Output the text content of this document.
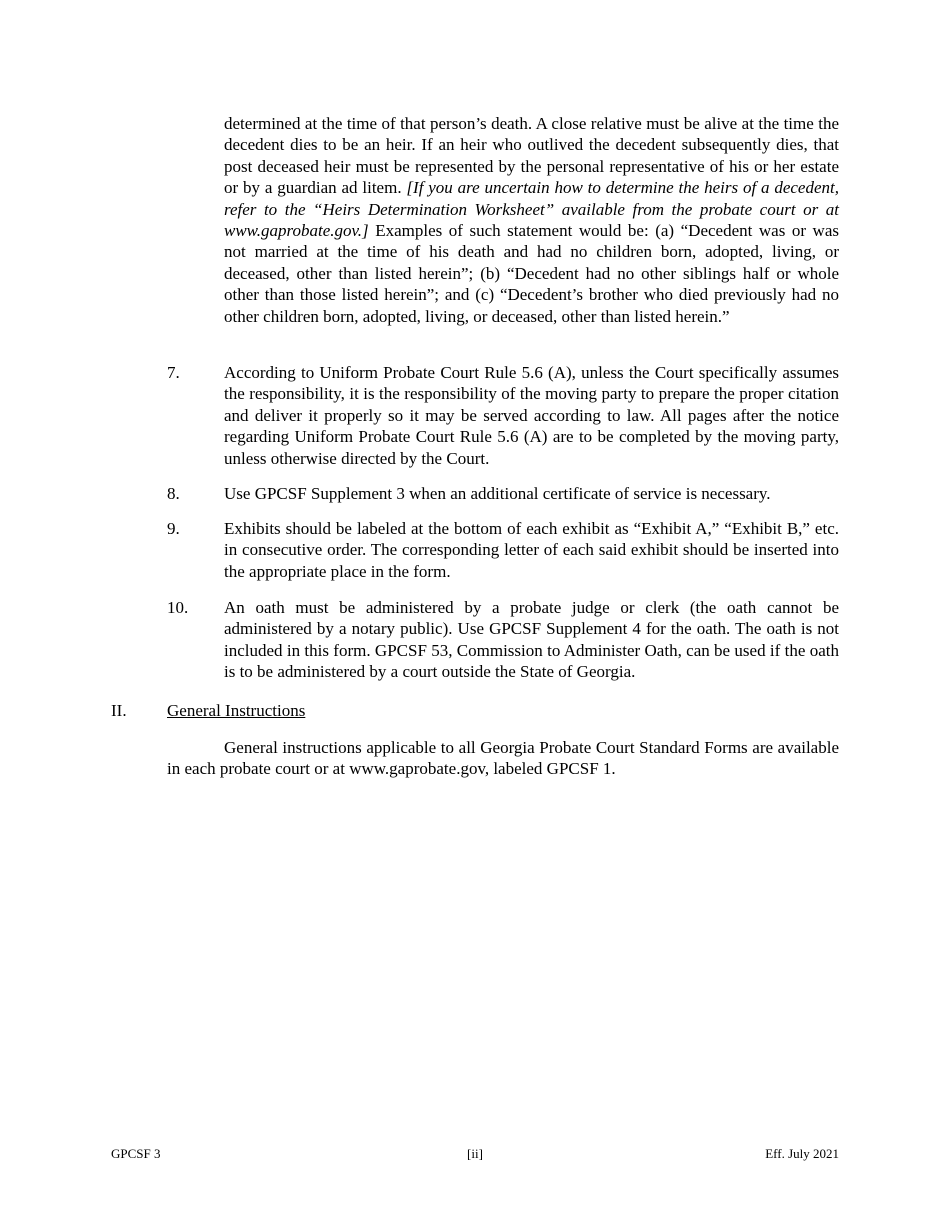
determined at the time of that person’s death. A close relative must be alive at the time the decedent dies to be an heir. If an heir who outlived the decedent subsequently dies, that post deceased heir must be represented by the personal representative of his or her estate or by a guardian ad litem. [If you are uncertain how to determine the heirs of a decedent, refer to the “Heirs Determination Worksheet” available from the probate court or at www.gaprobate.gov.] Examples of such statement would be: (a) “Decedent was or was not married at the time of his death and had no children born, adopted, living, or deceased, other than listed herein”; (b) “Decedent had no other siblings half or whole other than those listed herein”; and (c) “Decedent’s brother who died previously had no other children born, adopted, living, or deceased, other than listed herein.”
7.	According to Uniform Probate Court Rule 5.6 (A), unless the Court specifically assumes the responsibility, it is the responsibility of the moving party to prepare the proper citation and deliver it properly so it may be served according to law. All pages after the notice regarding Uniform Probate Court Rule 5.6 (A) are to be completed by the moving party, unless otherwise directed by the Court.
8.	Use GPCSF Supplement 3 when an additional certificate of service is necessary.
9.	Exhibits should be labeled at the bottom of each exhibit as “Exhibit A,” “Exhibit B,” etc. in consecutive order. The corresponding letter of each said exhibit should be inserted into the appropriate place in the form.
10.	An oath must be administered by a probate judge or clerk (the oath cannot be administered by a notary public). Use GPCSF Supplement 4 for the oath. The oath is not included in this form. GPCSF 53, Commission to Administer Oath, can be used if the oath is to be administered by a court outside the State of Georgia.
II. General Instructions
General instructions applicable to all Georgia Probate Court Standard Forms are available in each probate court or at www.gaprobate.gov, labeled GPCSF 1.
GPCSF 3	[ii]	Eff. July 2021
